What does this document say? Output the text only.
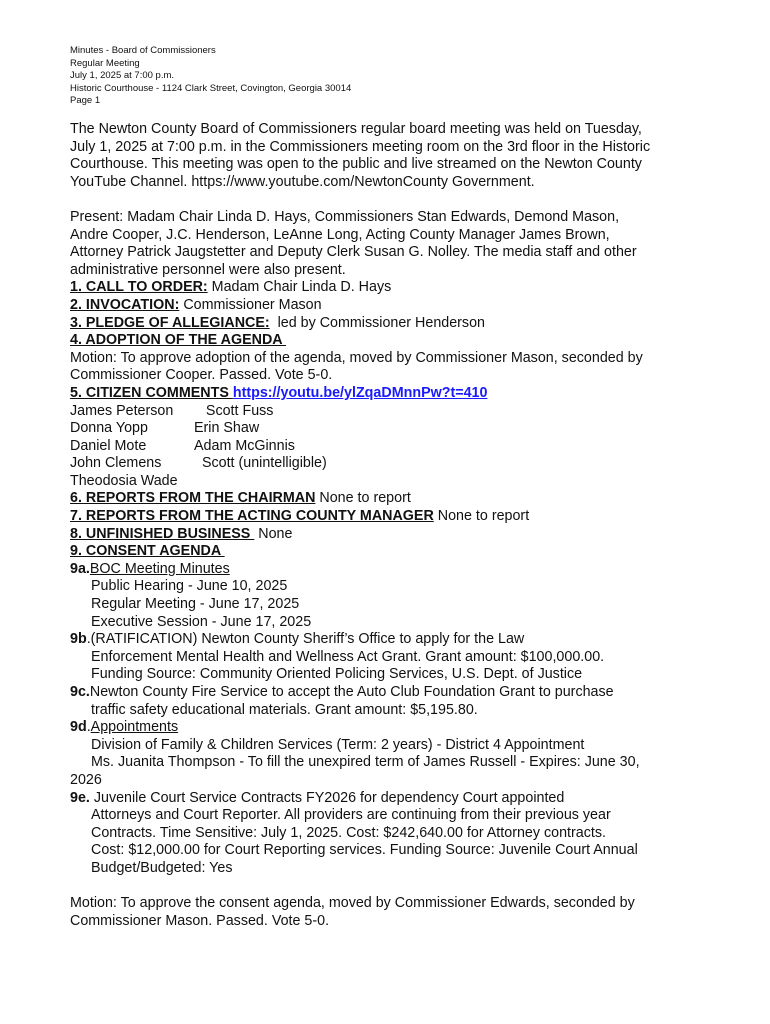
Minutes - Board of Commissioners
Regular Meeting
July 1, 2025 at 7:00 p.m.
Historic Courthouse - 1124 Clark Street, Covington, Georgia 30014
Page 1
The Newton County Board of Commissioners regular board meeting was held on Tuesday,
July 1, 2025 at 7:00 p.m. in the Commissioners meeting room on the 3rd floor in the Historic
Courthouse. This meeting was open to the public and live streamed on the Newton County
YouTube Channel. https://www.youtube.com/NewtonCounty Government.
Present: Madam Chair Linda D. Hays, Commissioners Stan Edwards, Demond Mason,
Andre Cooper, J.C. Henderson, LeAnne Long, Acting County Manager James Brown,
Attorney Patrick Jaugstetter and Deputy Clerk Susan G. Nolley. The media staff and other
administrative personnel were also present.
1. CALL TO ORDER: Madam Chair Linda D. Hays
2. INVOCATION: Commissioner Mason
3. PLEDGE OF ALLEGIANCE:  led by Commissioner Henderson
4. ADOPTION OF THE AGENDA
Motion: To approve adoption of the agenda, moved by Commissioner Mason, seconded by
Commissioner Cooper. Passed. Vote 5-0.
5. CITIZEN COMMENTS https://youtu.be/ylZqaDMnnPw?t=410
James Peterson	Scott Fuss
Donna Yopp	Erin Shaw
Daniel Mote	Adam McGinnis
John Clemens	Scott (unintelligible)
Theodosia Wade
6. REPORTS FROM THE CHAIRMAN None to report
7. REPORTS FROM THE ACTING COUNTY MANAGER None to report
8. UNFINISHED BUSINESS  None
9. CONSENT AGENDA
9a.BOC Meeting Minutes
Public Hearing - June 10, 2025
Regular Meeting - June 17, 2025
Executive Session - June 17, 2025
9b.(RATIFICATION) Newton County Sheriff’s Office to apply for the Law
Enforcement Mental Health and Wellness Act Grant. Grant amount: $100,000.00.
Funding Source: Community Oriented Policing Services, U.S. Dept. of Justice
9c.Newton County Fire Service to accept the Auto Club Foundation Grant to purchase
traffic safety educational materials. Grant amount: $5,195.80.
9d.Appointments
Division of Family & Children Services (Term: 2 years) - District 4 Appointment
Ms. Juanita Thompson - To fill the unexpired term of James Russell - Expires: June 30,
2026
9e. Juvenile Court Service Contracts FY2026 for dependency Court appointed
Attorneys and Court Reporter. All providers are continuing from their previous year
Contracts. Time Sensitive: July 1, 2025. Cost: $242,640.00 for Attorney contracts.
Cost: $12,000.00 for Court Reporting services. Funding Source: Juvenile Court Annual
Budget/Budgeted: Yes
Motion: To approve the consent agenda, moved by Commissioner Edwards, seconded by
Commissioner Mason. Passed. Vote 5-0.
